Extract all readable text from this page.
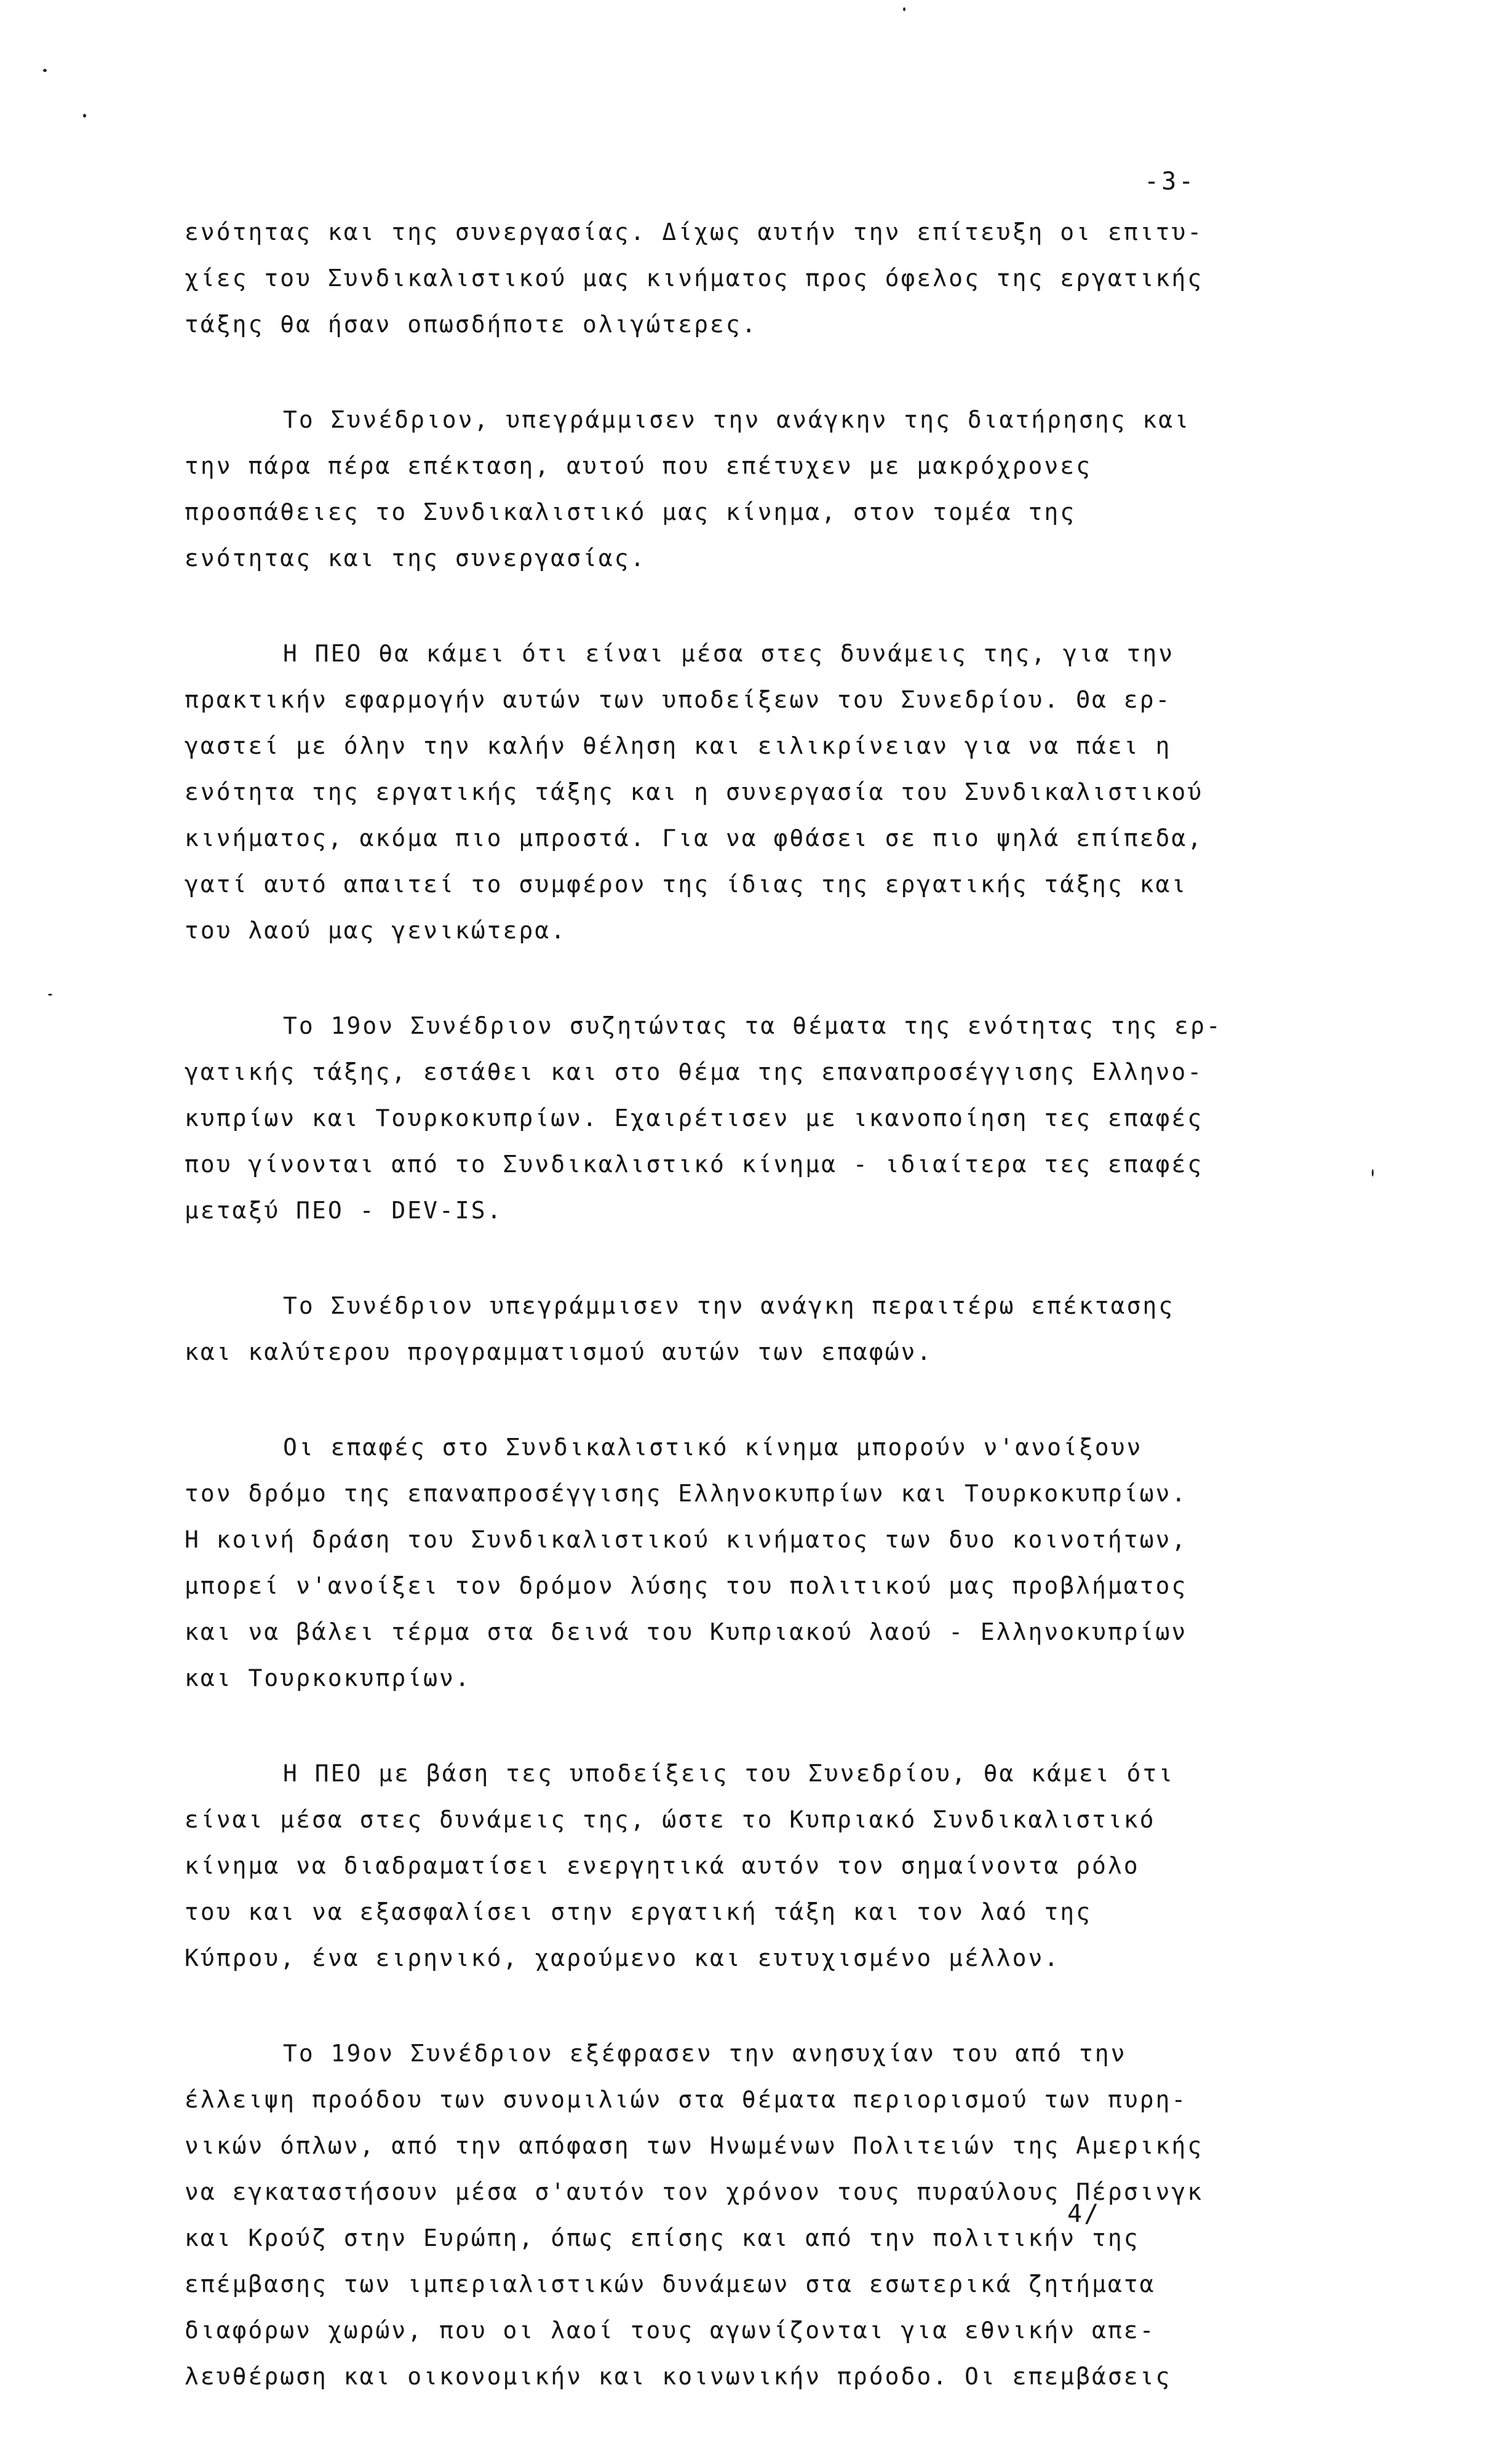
-3-
ενότητας και της συνεργασίας. Δίχως αυτήν την επίτευξη οι επιτυ-
χίες του Συνδικαλιστικού μας κινήματος προς όφελος της εργατικής
τάξης θα ήσαν οπωσδήποτε ολιγώτερες.
Το Συνέδριον, υπεγράμμισεν την ανάγκην της διατήρησης και
την πάρα πέρα επέκταση, αυτού που επέτυχεν με μακρόχρονες
προσπάθειες το Συνδικαλιστικό μας κίνημα, στον τομέα της
ενότητας και της συνεργασίας.
Η ΠΕΟ θα κάμει ότι είναι μέσα στες δυνάμεις της, για την
πρακτικήν εφαρμογήν αυτών των υποδείξεων του Συνεδρίου. Θα ερ-
γαστεί με όλην την καλήν θέληση και ειλικρίνειαν για να πάει η
ενότητα της εργατικής τάξης και η συνεργασία του Συνδικαλιστικού
κινήματος, ακόμα πιο μπροστά. Για να φθάσει σε πιο ψηλά επίπεδα,
γατί αυτό απαιτεί το συμφέρον της ίδιας της εργατικής τάξης και
του λαού μας γενικώτερα.
Το 19ον Συνέδριον συζητώντας τα θέματα της ενότητας της ερ-
γατικής τάξης, εστάθει και στο θέμα της επαναπροσέγγισης Ελληνο-
κυπρίων και Τουρκοκυπρίων. Εχαιρέτισεν με ικανοποίηση τες επαφές
που γίνονται από το Συνδικαλιστικό κίνημα - ιδιαίτερα τες επαφές
μεταξύ ΠΕΟ - DEV-IS.
Το Συνέδριον υπεγράμμισεν την ανάγκη περαιτέρω επέκτασης
και καλύτερου προγραμματισμού αυτών των επαφών.
Οι επαφές στο Συνδικαλιστικό κίνημα μπορούν ν'ανοίξουν
τον δρόμο της επαναπροσέγγισης Ελληνοκυπρίων και Τουρκοκυπρίων.
Η κοινή δράση του Συνδικαλιστικού κινήματος των δυο κοινοτήτων,
μπορεί ν'ανοίξει τον δρόμον λύσης του πολιτικού μας προβλήματος
και να βάλει τέρμα στα δεινά του Κυπριακού λαού - Ελληνοκυπρίων
και Τουρκοκυπρίων.
Η ΠΕΟ με βάση τες υποδείξεις του Συνεδρίου, θα κάμει ότι
είναι μέσα στες δυνάμεις της, ώστε το Κυπριακό Συνδικαλιστικό
κίνημα να διαδραματίσει ενεργητικά αυτόν τον σημαίνοντα ρόλο
του και να εξασφαλίσει στην εργατική τάξη και τον λαό της
Κύπρου, ένα ειρηνικό, χαρούμενο και ευτυχισμένο μέλλον.
Το 19ον Συνέδριον εξέφρασεν την ανησυχίαν του από την
έλλειψη προόδου των συνομιλιών στα θέματα περιορισμού των πυρη-
νικών όπλων, από την απόφαση των Ηνωμένων Πολιτειών της Αμερικής
να εγκαταστήσουν μέσα σ'αυτόν τον χρόνον τους πυραύλους Πέρσινγκ
και Κρούζ στην Ευρώπη, όπως επίσης και από την πολιτικήν της
επέμβασης των ιμπεριαλιστικών δυνάμεων στα εσωτερικά ζητήματα
διαφόρων χωρών, που οι λαοί τους αγωνίζονται για εθνικήν απε-
λευθέρωση και οικονομικήν και κοινωνικήν πρόοδο. Οι επεμβάσεις
4/
